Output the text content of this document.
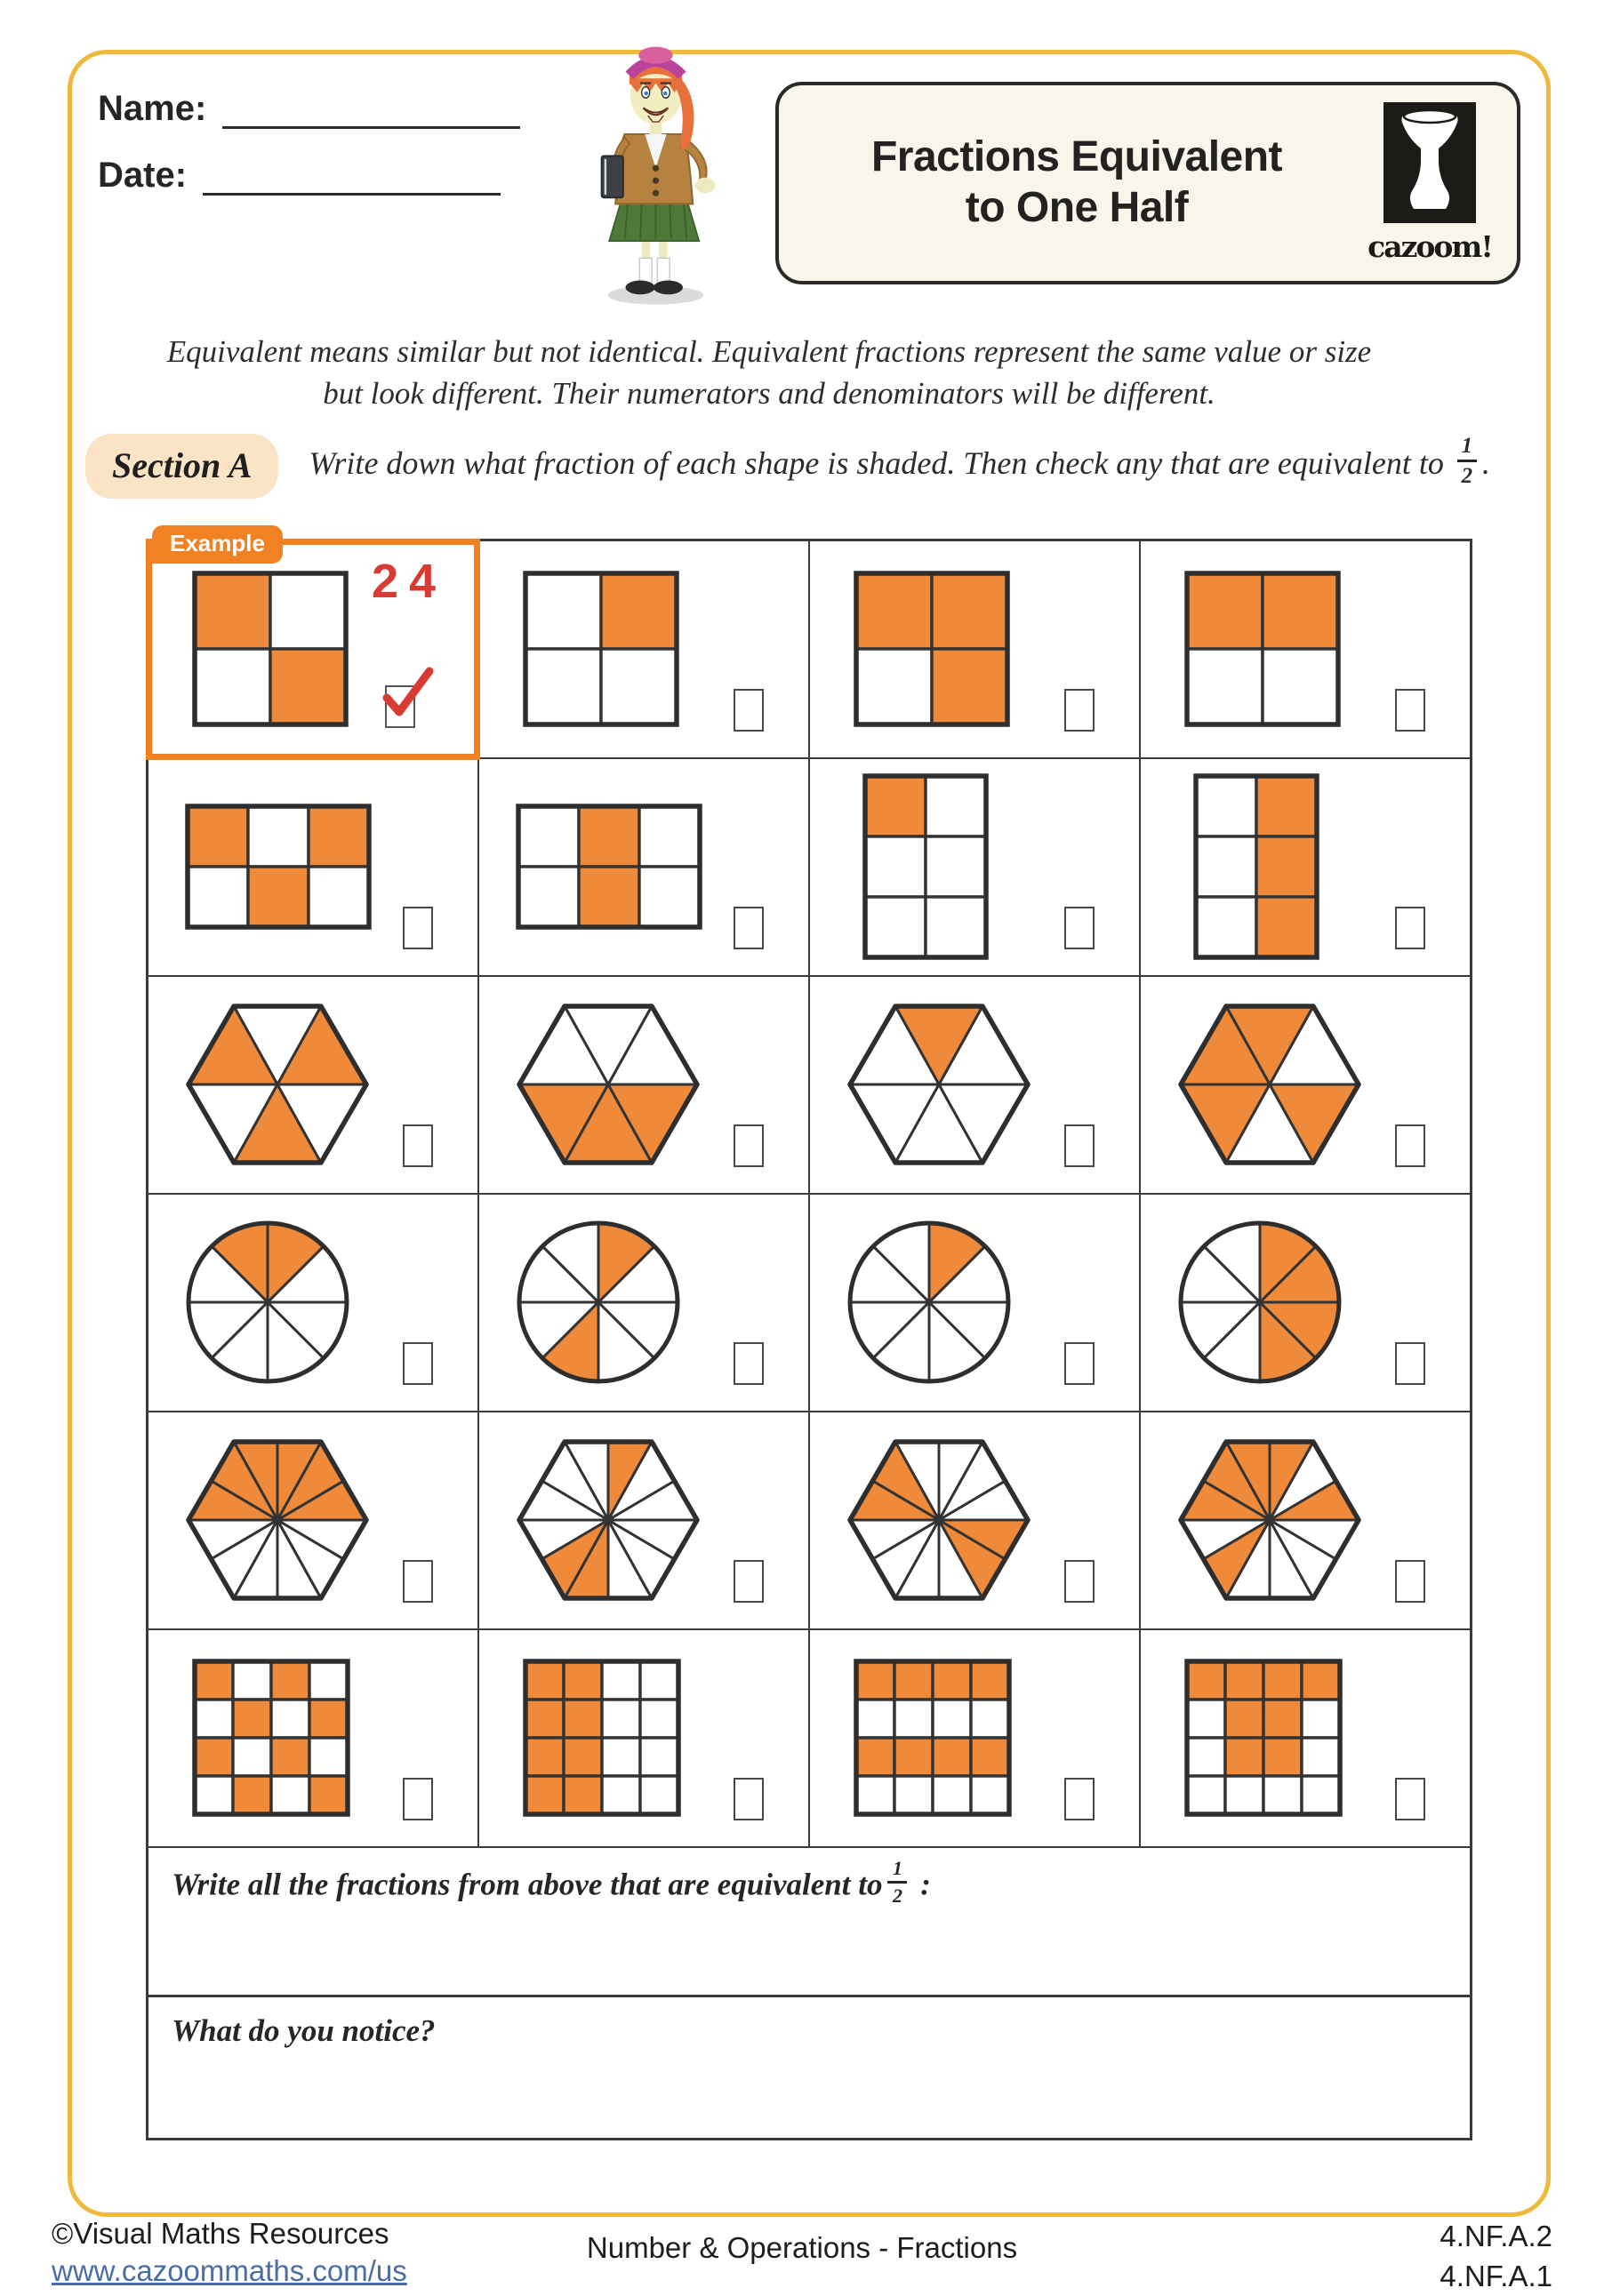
Name:
Date:	Fractions Equivalent
to One Half
cazoom!
Equivalent means similar but not identical. Equivalent fractions represent the same value or size
but look different. Their numerators and denominators will be different.
Section A	Write down what fraction of each shape is shaded. Then check any that are equivalent to $\frac{1}{2}$ .
Example
2 4
Write all the fractions from above that are equivalent to $\frac{1}{2}$ :
What do you notice?
©Visual Maths Resources
www.cazoommaths.com/us
Number & Operations - Fractions	4.NF.A.2
4.NF.A.1
